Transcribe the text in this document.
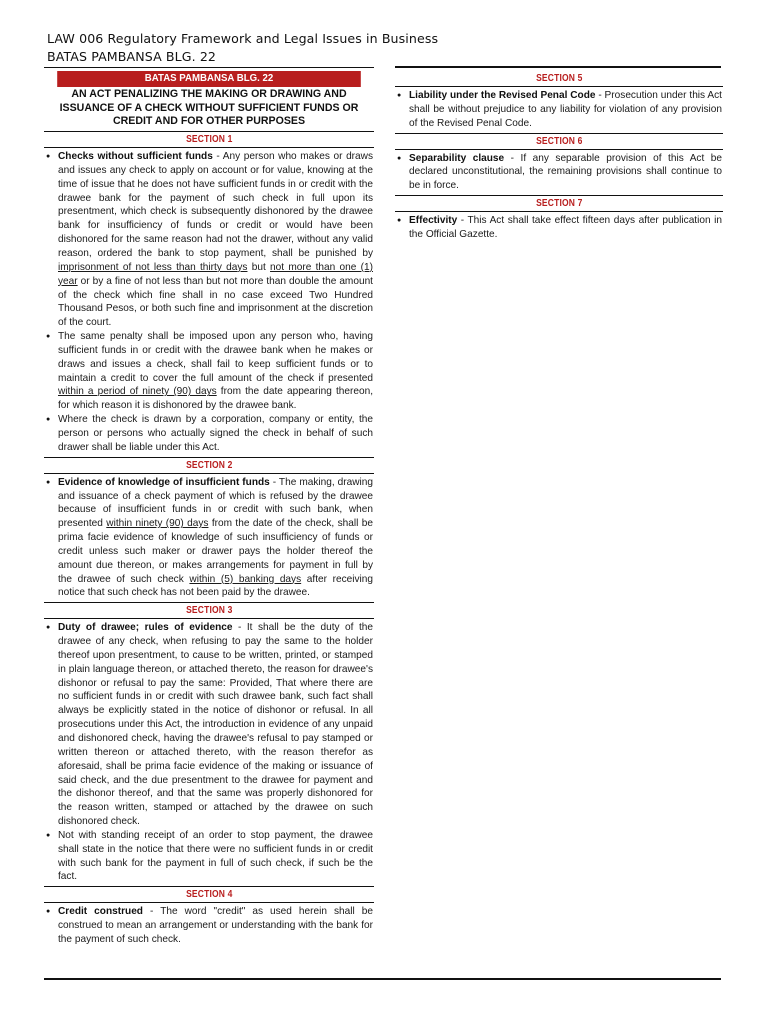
LAW 006 Regulatory Framework and Legal Issues in Business
BATAS PAMBANSA BLG. 22
BATAS PAMBANSA BLG. 22
AN ACT PENALIZING THE MAKING OR DRAWING AND ISSUANCE OF A CHECK WITHOUT SUFFICIENT FUNDS OR CREDIT AND FOR OTHER PURPOSES
SECTION 1
● Checks without sufficient funds - Any person who makes or draws and issues any check to apply on account or for value, knowing at the time of issue that he does not have sufficient funds in or credit with the drawee bank for the payment of such check in full upon its presentment, which check is subsequently dishonored by the drawee bank for insufficiency of funds or credit or would have been dishonored for the same reason had not the drawer, without any valid reason, ordered the bank to stop payment, shall be punished by imprisonment of not less than thirty days but not more than one (1) year or by a fine of not less than but not more than double the amount of the check which fine shall in no case exceed Two Hundred Thousand Pesos, or both such fine and imprisonment at the discretion of the court.
● The same penalty shall be imposed upon any person who, having sufficient funds in or credit with the drawee bank when he makes or draws and issues a check, shall fail to keep sufficient funds or to maintain a credit to cover the full amount of the check if presented within a period of ninety (90) days from the date appearing thereon, for which reason it is dishonored by the drawee bank.
● Where the check is drawn by a corporation, company or entity, the person or persons who actually signed the check in behalf of such drawer shall be liable under this Act.
SECTION 2
● Evidence of knowledge of insufficient funds - The making, drawing and issuance of a check payment of which is refused by the drawee because of insufficient funds in or credit with such bank, when presented within ninety (90) days from the date of the check, shall be prima facie evidence of knowledge of such insufficiency of funds or credit unless such maker or drawer pays the holder thereof the amount due thereon, or makes arrangements for payment in full by the drawee of such check within (5) banking days after receiving notice that such check has not been paid by the drawee.
SECTION 3
● Duty of drawee; rules of evidence - It shall be the duty of the drawee of any check, when refusing to pay the same to the holder thereof upon presentment, to cause to be written, printed, or stamped in plain language thereon, or attached thereto, the reason for drawee's dishonor or refusal to pay the same: Provided, That where there are no sufficient funds in or credit with such drawee bank, such fact shall always be explicitly stated in the notice of dishonor or refusal. In all prosecutions under this Act, the introduction in evidence of any unpaid and dishonored check, having the drawee's refusal to pay stamped or written thereon or attached thereto, with the reason therefor as aforesaid, shall be prima facie evidence of the making or issuance of said check, and the due presentment to the drawee for payment and the dishonor thereof, and that the same was properly dishonored for the reason written, stamped or attached by the drawee on such dishonored check.
● Not with standing receipt of an order to stop payment, the drawee shall state in the notice that there were no sufficient funds in or credit with such bank for the payment in full of such check, if such be the fact.
SECTION 4
● Credit construed - The word "credit" as used herein shall be construed to mean an arrangement or understanding with the bank for the payment of such check.
SECTION 5
● Liability under the Revised Penal Code - Prosecution under this Act shall be without prejudice to any liability for violation of any provision of the Revised Penal Code.
SECTION 6
● Separability clause - If any separable provision of this Act be declared unconstitutional, the remaining provisions shall continue to be in force.
SECTION 7
● Effectivity - This Act shall take effect fifteen days after publication in the Official Gazette.
